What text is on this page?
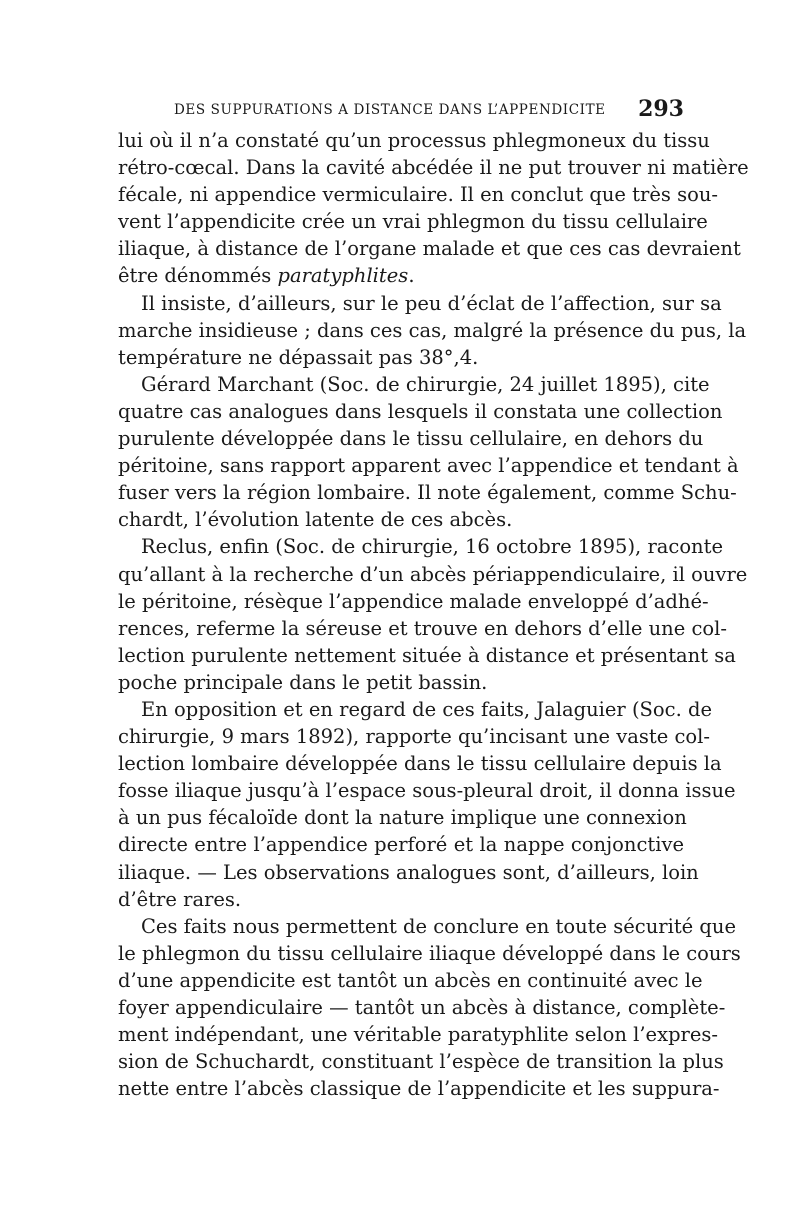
DES SUPPURATIONS A DISTANCE DANS L’APPENDICITE 293
lui où il n’a constaté qu’un processus phlegmoneux du tissu
rétro-cœcal. Dans la cavité abcédée il ne put trouver ni matière
fécale, ni appendice vermiculaire. Il en conclut que très sou-
vent l’appendicite crée un vrai phlegmon du tissu cellulaire
iliaque, à distance de l’organe malade et que ces cas devraient
être dénommés paratyphlites.
Il insiste, d’ailleurs, sur le peu d’éclat de l’affection, sur sa
marche insidieuse ; dans ces cas, malgré la présence du pus, la
température ne dépassait pas 38°,4.
Gérard Marchant (Soc. de chirurgie, 24 juillet 1895), cite
quatre cas analogues dans lesquels il constata une collection
purulente développée dans le tissu cellulaire, en dehors du
péritoine, sans rapport apparent avec l’appendice et tendant à
fuser vers la région lombaire. Il note également, comme Schu-
chardt, l’évolution latente de ces abcès.
Reclus, enfin (Soc. de chirurgie, 16 octobre 1895), raconte
qu’allant à la recherche d’un abcès périappendiculaire, il ouvre
le péritoine, résèque l’appendice malade enveloppé d’adhé-
rences, referme la séreuse et trouve en dehors d’elle une col-
lection purulente nettement située à distance et présentant sa
poche principale dans le petit bassin.
En opposition et en regard de ces faits, Jalaguier (Soc. de
chirurgie, 9 mars 1892), rapporte qu’incisant une vaste col-
lection lombaire développée dans le tissu cellulaire depuis la
fosse iliaque jusqu’à l’espace sous-pleural droit, il donna issue
à un pus fécaloïde dont la nature implique une connexion
directe entre l’appendice perforé et la nappe conjonctive
iliaque. — Les observations analogues sont, d’ailleurs, loin
d’être rares.
Ces faits nous permettent de conclure en toute sécurité que
le phlegmon du tissu cellulaire iliaque développé dans le cours
d’une appendicite est tantôt un abcès en continuité avec le
foyer appendiculaire — tantôt un abcès à distance, complète-
ment indépendant, une véritable paratyphlite selon l’expres-
sion de Schuchardt, constituant l’espèce de transition la plus
nette entre l’abcès classique de l’appendicite et les suppura-
